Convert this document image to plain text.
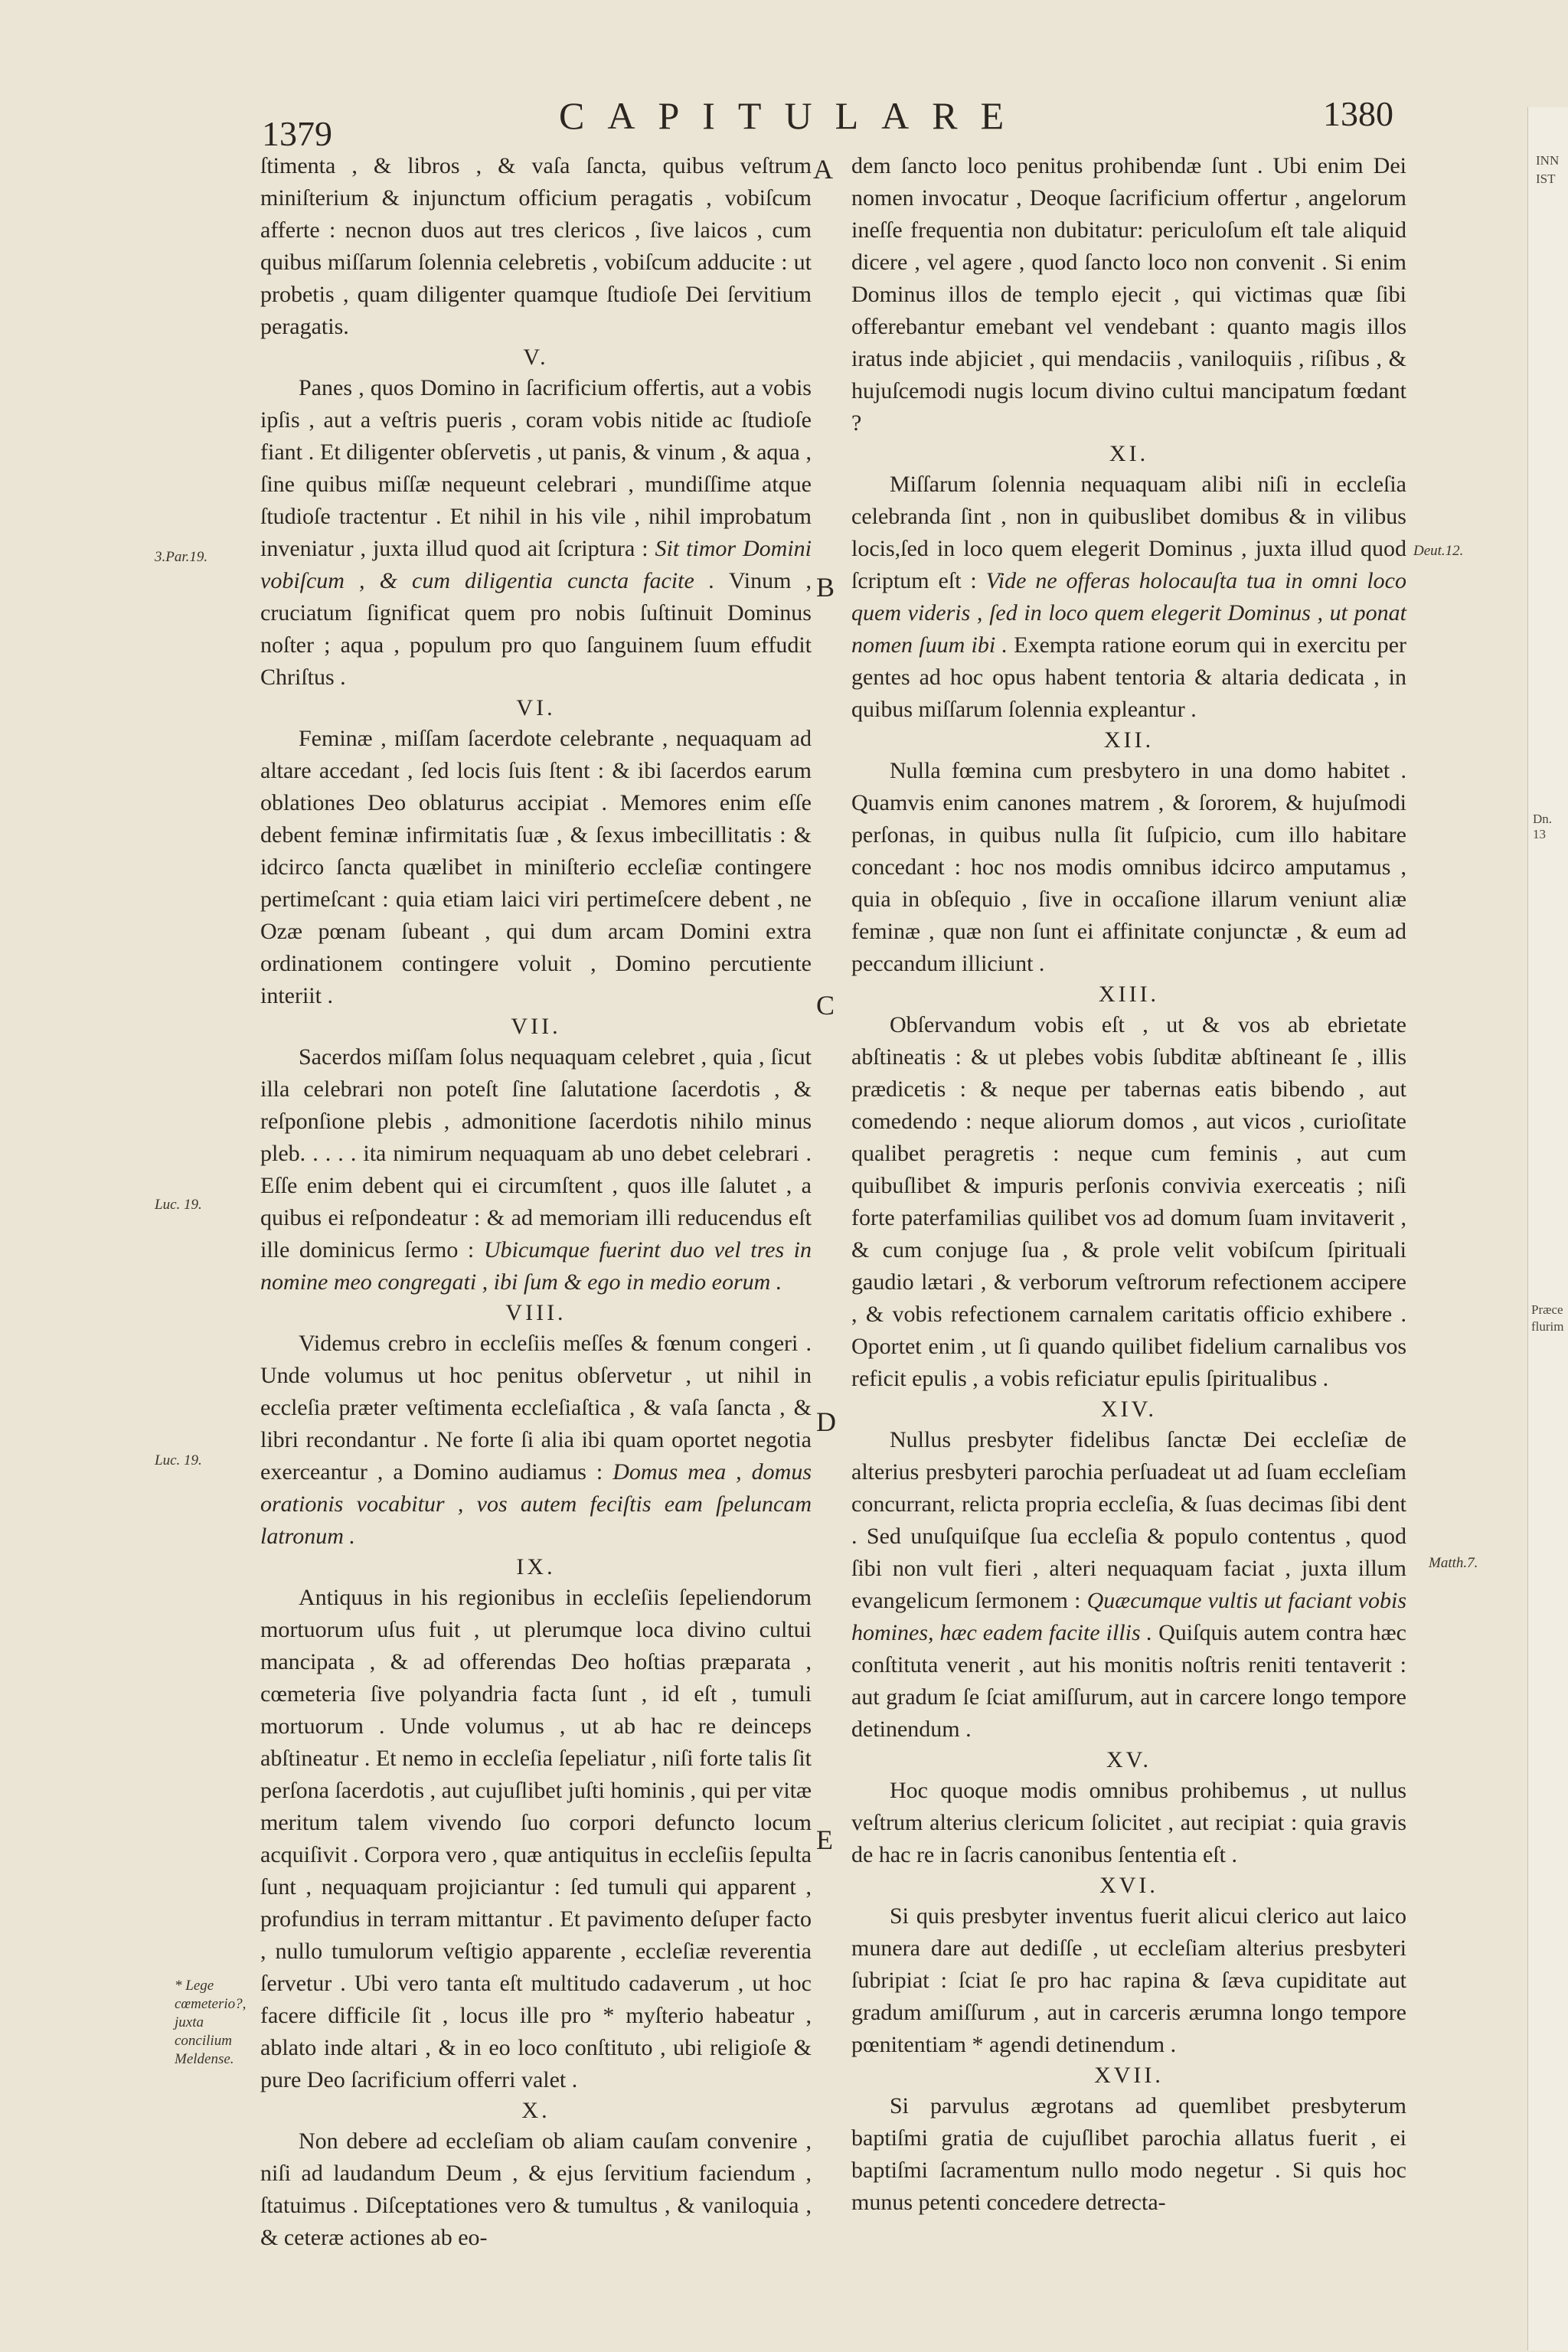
INN
IST
Dn. 13
Præce flurim
1379	CAPITULARE	1380
3.Par.19.
Luc. 19.
Luc. 19.
* Lege cœmeterio?, juxta concilium Meldense.
Deut.12.
Matth.7.
A
B
C
D
E

ſtimenta , & libros , & vaſa ſancta, quibus veſtrum miniſterium & injunctum officium peragatis , vobiſcum afferte : necnon duos aut tres clericos , ſive laicos , cum quibus miſſarum ſolennia celebretis , vobiſcum adducite : ut probetis , quam diligenter quamque ſtudioſe Dei ſervitium peragatis.

V.

Panes , quos Domino in ſacrificium offertis, aut a vobis ipſis , aut a veſtris pueris , coram vobis nitide ac ſtudioſe fiant . Et diligenter obſervetis , ut panis, & vinum , & aqua , ſine quibus miſſæ nequeunt celebrari , mundiſſime atque ſtudioſe tractentur . Et nihil in his vile , nihil improbatum inveniatur , juxta illud quod ait ſcriptura : Sit timor Domini vobiſcum , & cum diligentia cuncta facite . Vinum , cruciatum ſignificat quem pro nobis ſuſtinuit Dominus noſter ; aqua , populum pro quo ſanguinem ſuum effudit Chriſtus .

VI.

Feminæ , miſſam ſacerdote celebrante , nequaquam ad altare accedant , ſed locis ſuis ſtent : & ibi ſacerdos earum oblationes Deo oblaturus accipiat . Memores enim eſſe debent feminæ infirmitatis ſuæ , & ſexus imbecillitatis : & idcirco ſancta quælibet in miniſterio eccleſiæ contingere pertimeſcant : quia etiam laici viri pertimeſcere debent , ne Ozæ pœnam ſubeant , qui dum arcam Domini extra ordinationem contingere voluit , Domino percutiente interiit .

VII.

Sacerdos miſſam ſolus nequaquam celebret , quia , ſicut illa celebrari non poteſt ſine ſalutatione ſacerdotis , & reſponſione plebis , admonitione ſacerdotis nihilo minus pleb. . . . . ita nimirum nequaquam ab uno debet celebrari . Eſſe enim debent qui ei circumſtent , quos ille ſalutet , a quibus ei reſpondeatur : & ad memoriam illi reducendus eſt ille dominicus ſermo : Ubicumque fuerint duo vel tres in nomine meo congregati , ibi ſum & ego in medio eorum .

VIII.

Videmus crebro in eccleſiis meſſes & fœnum congeri . Unde volumus ut hoc penitus obſervetur , ut nihil in eccleſia præter veſtimenta eccleſiaſtica , & vaſa ſancta , & libri recondantur . Ne forte ſi alia ibi quam oportet negotia exerceantur , a Domino audiamus : Domus mea , domus orationis vocabitur , vos autem feciſtis eam ſpeluncam latronum .

IX.

Antiquus in his regionibus in eccleſiis ſepeliendorum mortuorum uſus fuit , ut plerumque loca divino cultui mancipata , & ad offerendas Deo hoſtias præparata , cœmeteria ſive polyandria facta ſunt , id eſt , tumuli mortuorum . Unde volumus , ut ab hac re deinceps abſtineatur . Et nemo in eccleſia ſepeliatur , niſi forte talis ſit perſona ſacerdotis , aut cujuſlibet juſti hominis , qui per vitæ meritum talem vivendo ſuo corpori defuncto locum acquiſivit . Corpora vero , quæ antiquitus in eccleſiis ſepulta ſunt , nequaquam projiciantur : ſed tumuli qui apparent , profundius in terram mittantur . Et pavimento deſuper facto , nullo tumulorum veſtigio apparente , eccleſiæ reverentia ſervetur . Ubi vero tanta eſt multitudo cadaverum , ut hoc facere difficile ſit , locus ille pro * myſterio habeatur , ablato inde altari , & in eo loco conſtituto , ubi religioſe & pure Deo ſacrificium offerri valet .

X.

Non debere ad eccleſiam ob aliam cauſam convenire , niſi ad laudandum Deum , & ejus ſervitium faciendum , ſtatuimus . Diſceptationes vero & tumultus , & vaniloquia , & ceteræ actiones ab eo-

dem ſancto loco penitus prohibendæ ſunt . Ubi enim Dei nomen invocatur , Deoque ſacrificium offertur , angelorum ineſſe frequentia non dubitatur: periculoſum eſt tale aliquid dicere , vel agere , quod ſancto loco non convenit . Si enim Dominus illos de templo ejecit , qui victimas quæ ſibi offerebantur emebant vel vendebant : quanto magis illos iratus inde abjiciet , qui mendaciis , vaniloquiis , riſibus , & hujuſcemodi nugis locum divino cultui mancipatum fœdant ?

XI.

Miſſarum ſolennia nequaquam alibi niſi in eccleſia celebranda ſint , non in quibuslibet domibus & in vilibus locis,ſed in loco quem elegerit Dominus , juxta illud quod ſcriptum eſt : Vide ne offeras holocauſta tua in omni loco quem videris , ſed in loco quem elegerit Dominus , ut ponat nomen ſuum ibi . Exempta ratione eorum qui in exercitu per gentes ad hoc opus habent tentoria & altaria dedicata , in quibus miſſarum ſolennia expleantur .

XII.

Nulla fœmina cum presbytero in una domo habitet . Quamvis enim canones matrem , & ſororem, & hujuſmodi perſonas, in quibus nulla ſit ſuſpicio, cum illo habitare concedant : hoc nos modis omnibus idcirco amputamus , quia in obſequio , ſive in occaſione illarum veniunt aliæ feminæ , quæ non ſunt ei affinitate conjunctæ , & eum ad peccandum illiciunt .

XIII.

Obſervandum vobis eſt , ut & vos ab ebrietate abſtineatis : & ut plebes vobis ſubditæ abſtineant ſe , illis prædicetis : & neque per tabernas eatis bibendo , aut comedendo : neque aliorum domos , aut vicos , curioſitate qualibet peragretis : neque cum feminis , aut cum quibuſlibet & impuris perſonis convivia exerceatis ; niſi forte paterfamilias quilibet vos ad domum ſuam invitaverit , & cum conjuge ſua , & prole velit vobiſcum ſpirituali gaudio lætari , & verborum veſtrorum refectionem accipere , & vobis refectionem carnalem caritatis officio exhibere . Oportet enim , ut ſi quando quilibet fidelium carnalibus vos reficit epulis , a vobis reficiatur epulis ſpiritualibus .

XIV.

Nullus presbyter fidelibus ſanctæ Dei eccleſiæ de alterius presbyteri parochia perſuadeat ut ad ſuam eccleſiam concurrant, relicta propria eccleſia, & ſuas decimas ſibi dent . Sed unuſquiſque ſua eccleſia & populo contentus , quod ſibi non vult fieri , alteri nequaquam faciat , juxta illum evangelicum ſermonem : Quæcumque vultis ut faciant vobis homines, hæc eadem facite illis . Quiſquis autem contra hæc conſtituta venerit , aut his monitis noſtris reniti tentaverit : aut gradum ſe ſciat amiſſurum, aut in carcere longo tempore detinendum .

XV.

Hoc quoque modis omnibus prohibemus , ut nullus veſtrum alterius clericum ſolicitet , aut recipiat : quia gravis de hac re in ſacris canonibus ſententia eſt .

XVI.

Si quis presbyter inventus fuerit alicui clerico aut laico munera dare aut dediſſe , ut eccleſiam alterius presbyteri ſubripiat : ſciat ſe pro hac rapina & ſæva cupiditate aut gradum amiſſurum , aut in carceris ærumna longo tempore pœnitentiam * agendi detinendum .

XVII.

Si parvulus ægrotans ad quemlibet presbyterum baptiſmi gratia de cujuſlibet parochia allatus fuerit , ei baptiſmi ſacramentum nullo modo negetur . Si quis hoc munus petenti concedere detrecta-
